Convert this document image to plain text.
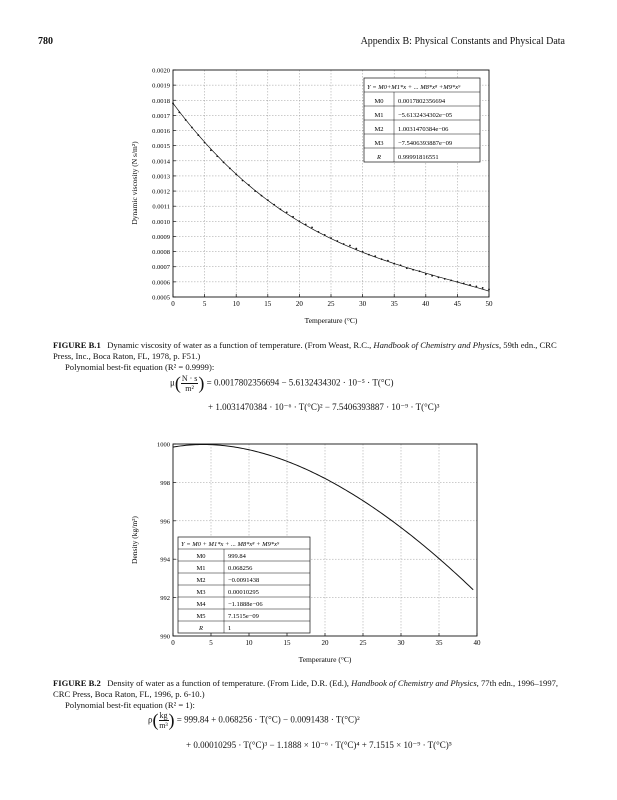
780	Appendix B: Physical Constants and Physical Data
0	5	10	15	20	25	30	35	40	45	50
0.0005
0.0006
0.0007
0.0008
0.0009
0.0010
0.0011
0.0012
0.0013
0.0014
0.0015
0.0016
0.0017
0.0018
0.0019
0.0020
Y = M0+M1*x + ... M8*x⁸ +M9*x⁹
M0 0.0017802356694
M1 −5.6132434302e−05
M2 1.0031470384e−06
M3 −7.5406393887e−09
R	0.99991816551
Temperature (°C)
Dynamic viscosity (N s/m²)
FIGURE B.1 Dynamic viscosity of water as a function of temperature. (From Weast, R.C., Handbook of Chemistry and Physics, 59th edn., CRC Press, Inc., Boca Raton, FL, 1978, p. F51.)
Polynomial best-fit equation (R² = 0.9999):
$\mu( \frac{N \cdot s}{\text{m²}}$ ) = 0.0017802356694 − 5.6132434302 · 10⁻⁵ · T(°C)
+ 1.0031470384 · 10⁻⁶ · T(°C)² − 7.5406393887 · 10⁻⁹ · T(°C)³
0	5	10	15	20	25	30	35	40
990
992
994
996
998
1000
Y = M0 + M1*x + ... M8*x⁸ + M9*x⁹
M0	999.84
M1	0.068256
M2	−0.0091438
M3	0.00010295
M4	−1.1888e−06
M5	7.1515e−09
R	1
Temperature (°C)
Density (kg/m³)
FIGURE B.2 Density of water as a function of temperature. (From Lide, D.R. (Ed.), Handbook of Chemistry and Physics, 77th edn., 1996–1997, CRC Press, Boca Raton, FL, 1996, p. 6-10.)
Polynomial best-fit equation (R² = 1):
$\rho( \frac{kg}{\text{m³}}$ ) = 999.84 + 0.068256 · T(°C) − 0.0091438 · T(°C)²
+ 0.00010295 · T(°C)³ − 1.1888 × 10⁻⁶ · T(°C)⁴ + 7.1515 × 10⁻⁹ · T(°C)⁵
